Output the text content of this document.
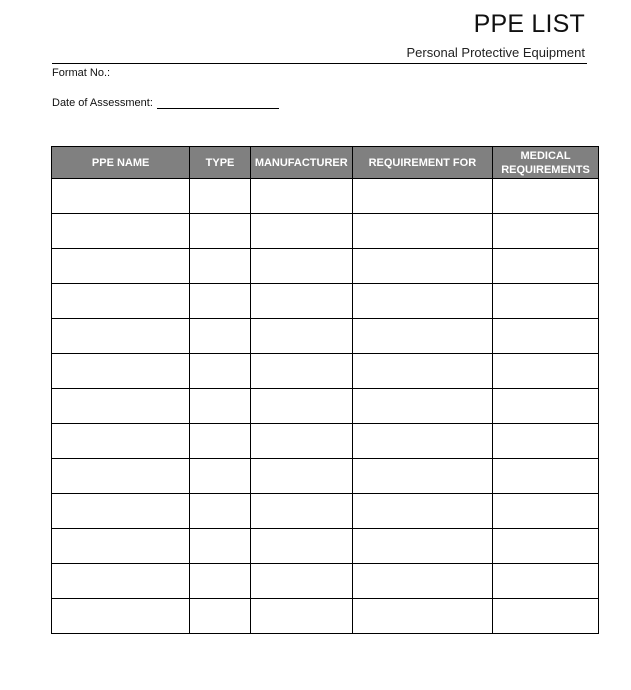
PPE LIST
Personal Protective Equipment
Format No.:
Date of Assessment:
PPE NAME	TYPE	MANUFACTURER	REQUIREMENT FOR	MEDICAL REQUIREMENTS
